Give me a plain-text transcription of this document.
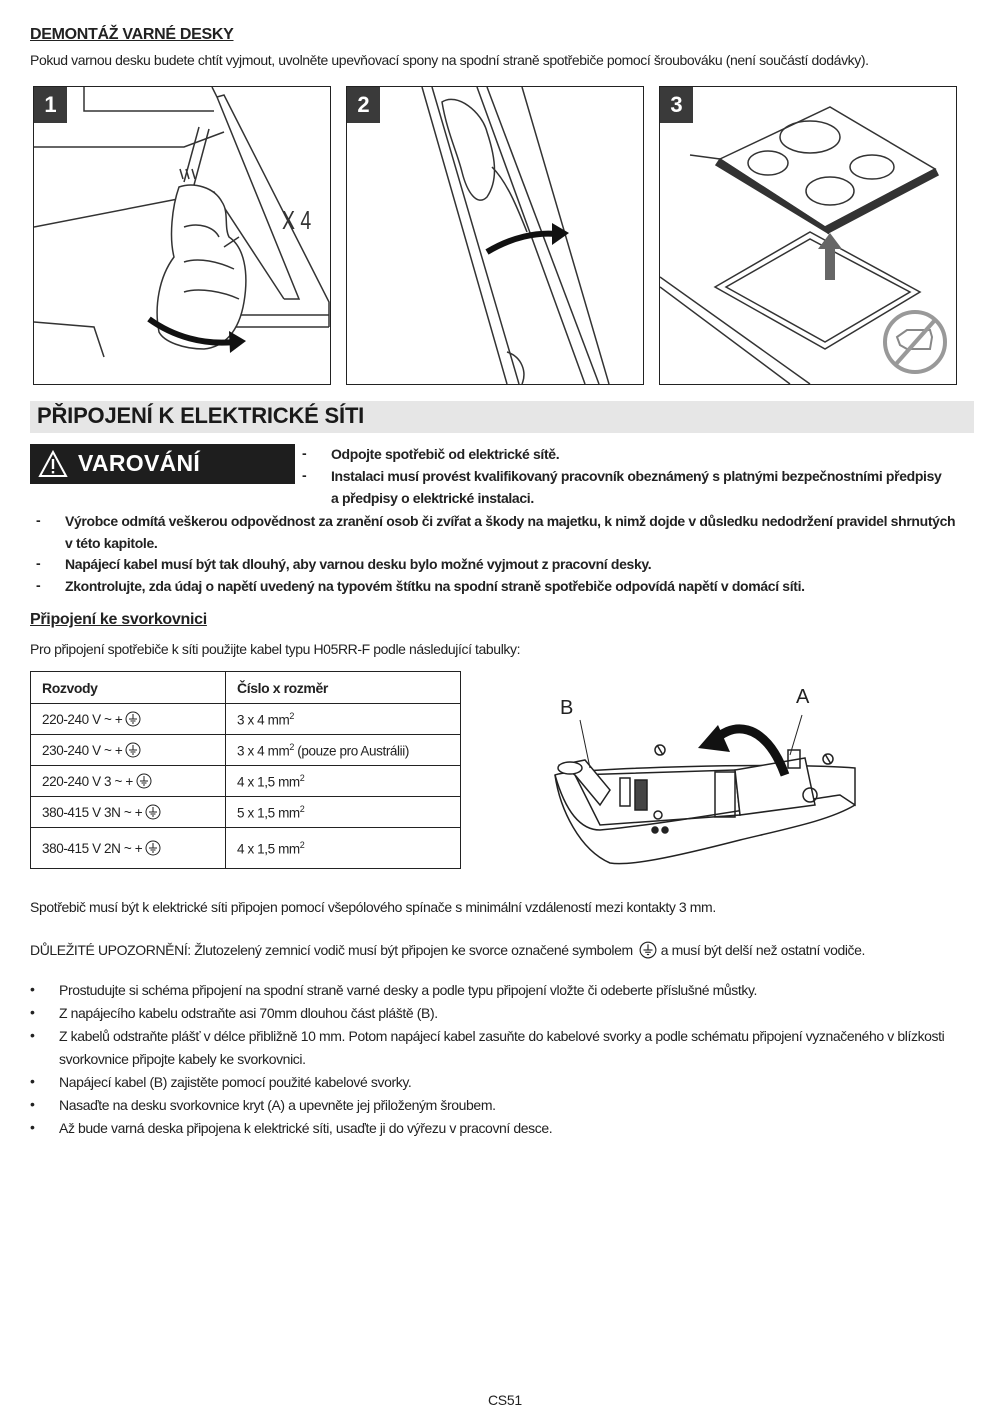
DEMONTÁŽ VARNÉ DESKY
Pokud varnou desku budete chtít vyjmout, uvolněte upevňovací spony na spodní straně spotřebiče pomocí šroubováku (není součástí dodávky).
1
X 4
2	3
PŘIPOJENÍ K ELEKTRICKÉ SÍTI
VAROVÁNÍ	- Odpojte spotřebič od elektrické sítě.
- Instalaci musí provést kvalifikovaný pracovník obeznámený s platnými bezpečnostními předpisy
a předpisy o elektrické instalaci.
- Výrobce odmítá veškerou odpovědnost za zranění osob či zvířat a škody na majetku, k nimž dojde v důsledku nedodržení pravidel shrnutých
v této kapitole.
- Napájecí kabel musí být tak dlouhý, aby varnou desku bylo možné vyjmout z pracovní desky.
- Zkontrolujte, zda údaj o napětí uvedený na typovém štítku na spodní straně spotřebiče odpovídá napětí v domácí síti.
Připojení ke svorkovnici
Pro připojení spotřebiče k síti použijte kabel typu H05RR-F podle následující tabulky:
Rozvody	Číslo x rozměr
220-240 V ~ +	3 x 4 $mm^2$
230-240 V ~ +	3 x 4 $mm^2$ (pouze pro Austrálii)
220-240 V 3 ~ +	4 x 1,5 $mm^2$
380-415 V 3N ~ +	5 x 1,5 $mm^2$
380-415 V 2N ~ +	4 x 1,5 $mm^2$
B	A
Spotřebič musí být k elektrické síti připojen pomocí všepólového spínače s minimální vzdáleností mezi kontakty 3 mm.
DŮLEŽITÉ UPOZORNĚNÍ: Žlutozelený zemnicí vodič musí být připojen ke svorce označené symbolem a musí být delší než ostatní vodiče.
• Prostudujte si schéma připojení na spodní straně varné desky a podle typu připojení vložte či odeberte příslušné můstky.
• Z napájecího kabelu odstraňte asi 70mm dlouhou část pláště (B).
• Z kabelů odstraňte plášť v délce přibližně 10 mm. Potom napájecí kabel zasuňte do kabelové svorky a podle schématu připojení vyznačeného v blízkosti
svorkovnice připojte kabely ke svorkovnici.
• Napájecí kabel (B) zajistěte pomocí použité kabelové svorky.
• Nasaďte na desku svorkovnice kryt (A) a upevněte jej přiloženým šroubem.
• Až bude varná deska připojena k elektrické síti, usaďte ji do výřezu v pracovní desce.
CS51
